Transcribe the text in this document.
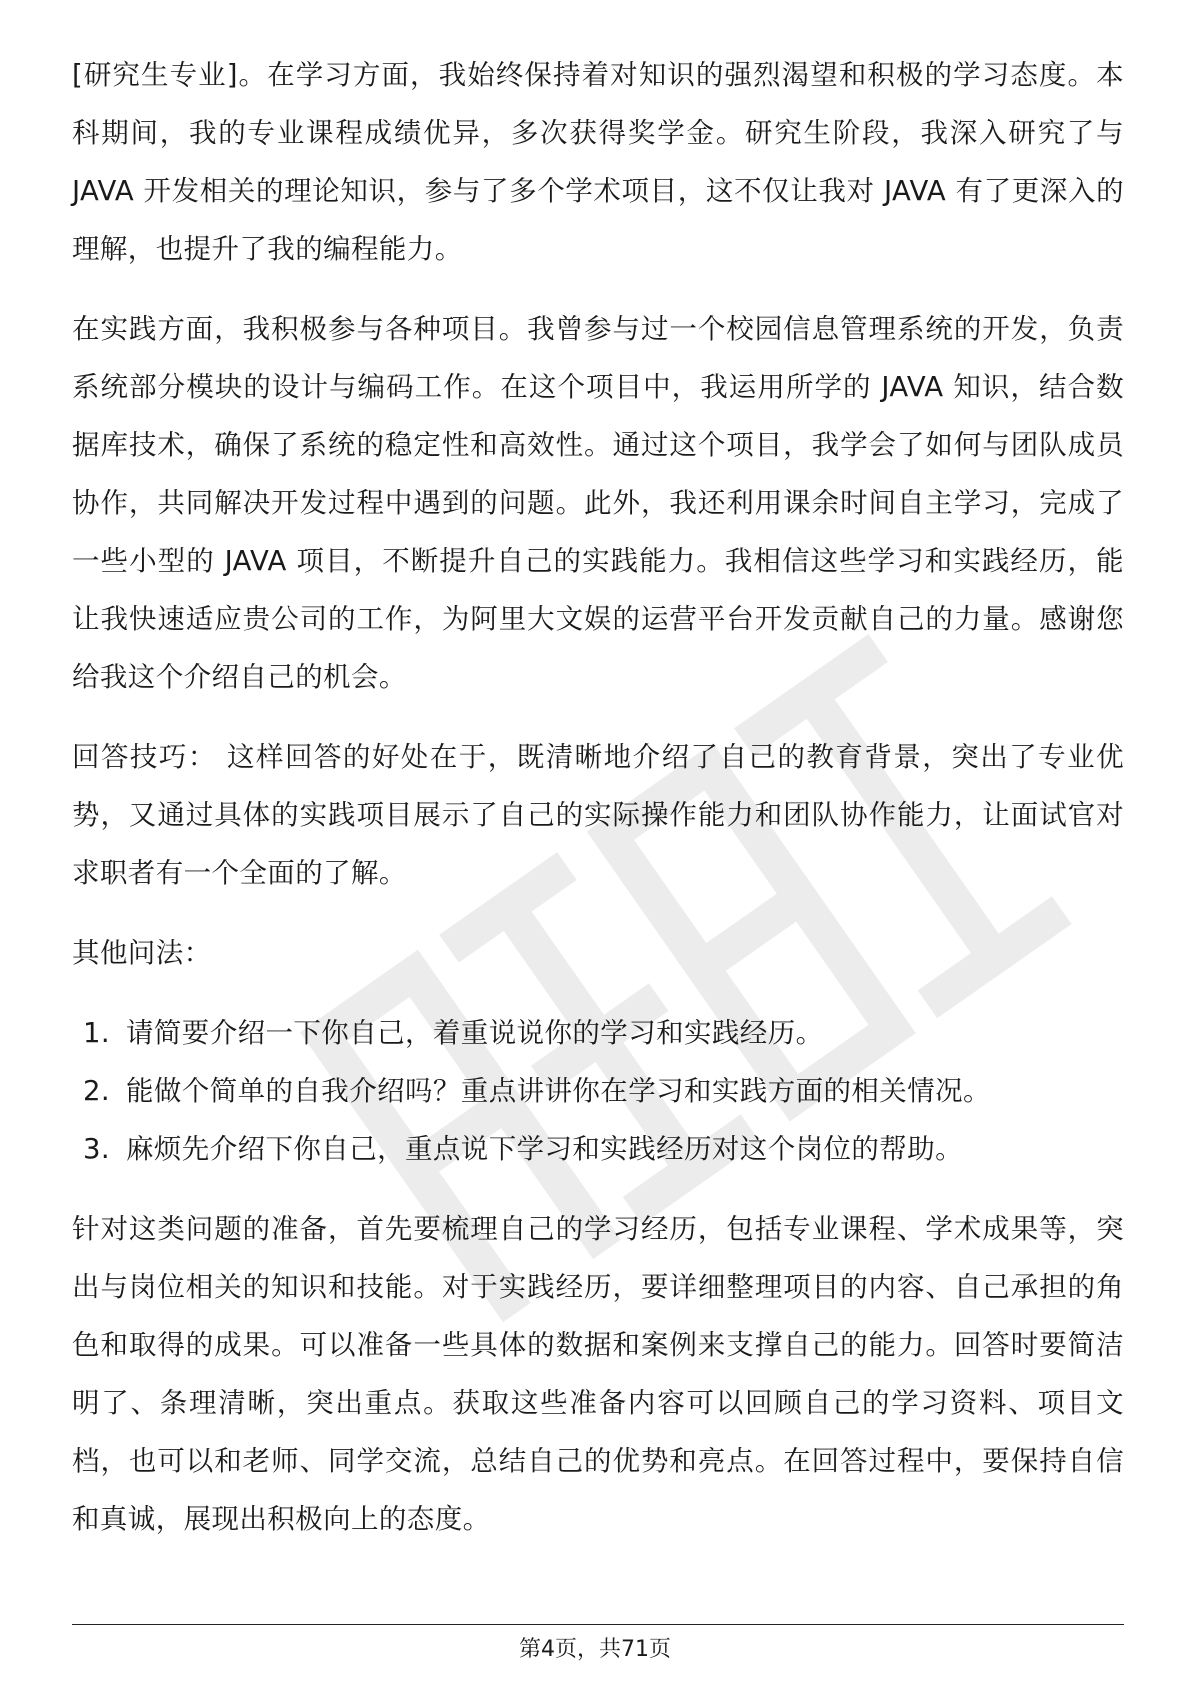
[研究生专业]。在学习方面，我始终保持着对知识的强烈渴望和积极的学习态度。本科期间，我的专业课程成绩优异，多次获得奖学金。研究生阶段，我深入研究了与 JAVA 开发相关的理论知识，参与了多个学术项目，这不仅让我对 JAVA 有了更深入的理解，也提升了我的编程能力。

在实践方面，我积极参与各种项目。我曾参与过一个校园信息管理系统的开发，负责系统部分模块的设计与编码工作。在这个项目中，我运用所学的 JAVA 知识，结合数据库技术，确保了系统的稳定性和高效性。通过这个项目，我学会了如何与团队成员协作，共同解决开发过程中遇到的问题。此外，我还利用课余时间自主学习，完成了一些小型的 JAVA 项目，不断提升自己的实践能力。我相信这些学习和实践经历，能让我快速适应贵公司的工作，为阿里大文娱的运营平台开发贡献自己的力量。感谢您给我这个介绍自己的机会。

回答技巧： 这样回答的好处在于，既清晰地介绍了自己的教育背景，突出了专业优势，又通过具体的实践项目展示了自己的实际操作能力和团队协作能力，让面试官对求职者有一个全面的了解。

其他问法：

1. 请简要介绍一下你自己，着重说说你的学习和实践经历。
2. 能做个简单的自我介绍吗？重点讲讲你在学习和实践方面的相关情况。
3. 麻烦先介绍下你自己，重点说下学习和实践经历对这个岗位的帮助。

针对这类问题的准备，首先要梳理自己的学习经历，包括专业课程、学术成果等，突出与岗位相关的知识和技能。对于实践经历，要详细整理项目的内容、自己承担的角色和取得的成果。可以准备一些具体的数据和案例来支撑自己的能力。回答时要简洁明了、条理清晰，突出重点。获取这些准备内容可以回顾自己的学习资料、项目文档，也可以和老师、同学交流，总结自己的优势和亮点。在回答过程中，要保持自信和真诚，展现出积极向上的态度。

第4页，共71页
